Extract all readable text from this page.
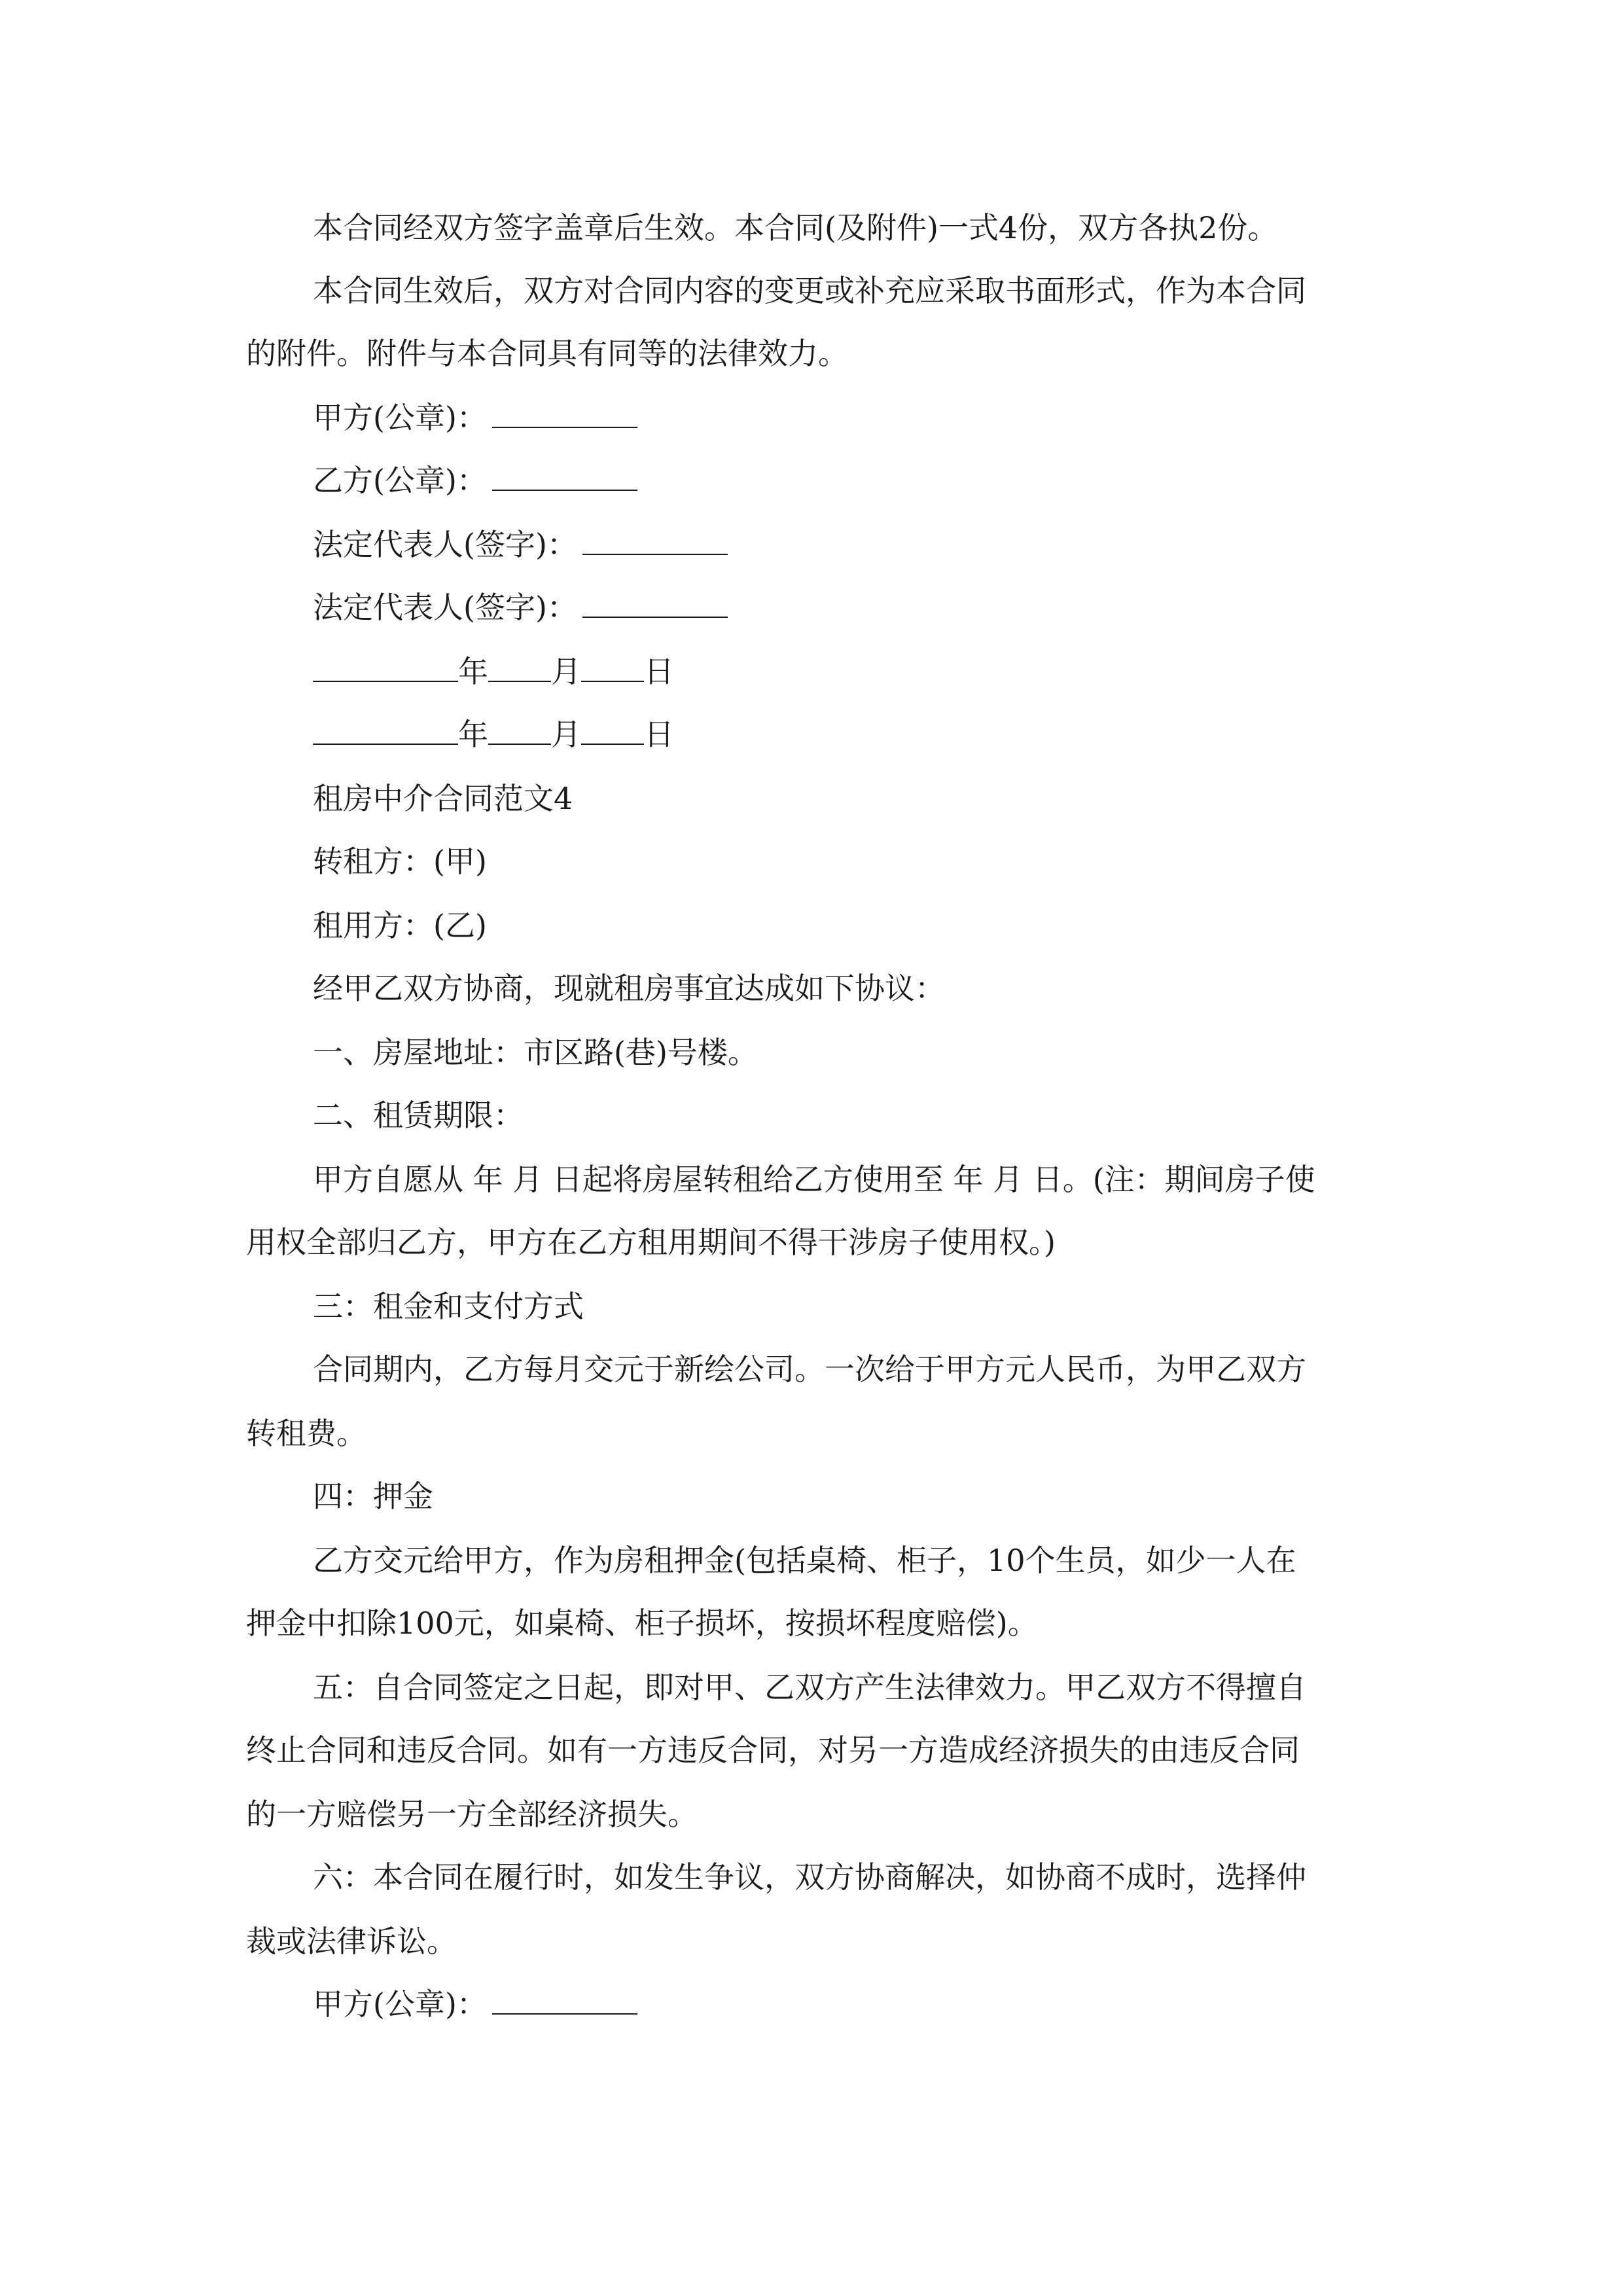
本合同经双方签字盖章后生效。本合同(及附件)一式4份，双方各执2份。
本合同生效后，双方对合同内容的变更或补充应采取书面形式，作为本合同
的附件。附件与本合同具有同等的法律效力。
甲方(公章)：
乙方(公章)：
法定代表人(签字)：
法定代表人(签字)：
年 月 日
年 月 日
租房中介合同范文4
转租方：(甲)
租用方：(乙)
经甲乙双方协商，现就租房事宜达成如下协议：
一、房屋地址：市区路(巷)号楼。
二、租赁期限：
甲方自愿从 年 月 日起将房屋转租给乙方使用至 年 月 日。(注：期间房子使
用权全部归乙方，甲方在乙方租用期间不得干涉房子使用权。)
三：租金和支付方式
合同期内，乙方每月交元于新绘公司。一次给于甲方元人民币，为甲乙双方
转租费。
四：押金
乙方交元给甲方，作为房租押金(包括桌椅、柜子，10个生员，如少一人在
押金中扣除100元，如桌椅、柜子损坏，按损坏程度赔偿)。
五：自合同签定之日起，即对甲、乙双方产生法律效力。甲乙双方不得擅自
终止合同和违反合同。如有一方违反合同，对另一方造成经济损失的由违反合同
的一方赔偿另一方全部经济损失。
六：本合同在履行时，如发生争议，双方协商解决，如协商不成时，选择仲
裁或法律诉讼。
甲方(公章)：
